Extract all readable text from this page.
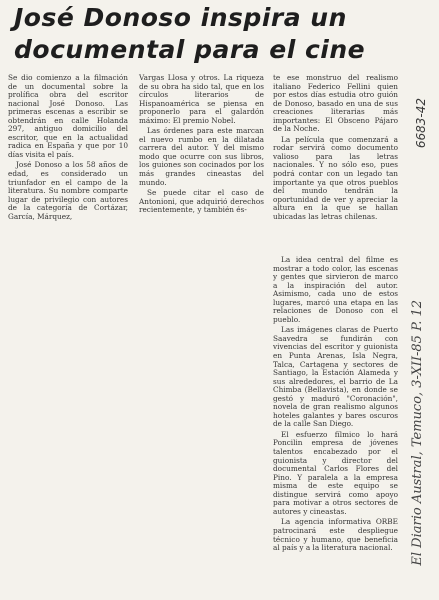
José Donoso inspira un documental para el cine

Se dio comienzo a la filmación de un documental sobre la prolífica obra del escritor nacional José Donoso. Las primeras escenas a escribir se obtendrán en calle Holanda 297, antiguo domicilio del escritor, que en la actualidad radica en España y que por 10 días visita el país.

José Donoso a los 58 años de edad, es considerado un triunfador en el campo de la literatura. Su nombre comparte lugar de privilegio con autores de la categoría de Cortázar, García, Márquez,

Vargas Llosa y otros. La riqueza de su obra ha sido tal, que en los círculos literarios de Hispanoamérica se piensa en proponerlo para el galardón máximo: El premio Nobel.

Las órdenes para este marcan el nuevo rumbo en la dilatada carrera del autor. Y del mismo modo que ocurre con sus libros, los guiones son cocinados por los más grandes cineastas del mundo.

Se puede citar el caso de Antonioni, que adquirió derechos recientemente, y también és-

te ese monstruo del realismo italiano Federico Fellini quien por estos días estudia otro guión de Donoso, basado en una de sus creaciones literarias más importantes: El Obsceno Pájaro de la Noche.

La película que comenzará a rodar servirá como documento valioso para las letras nacionales. Y no sólo eso, pues podrá contar con un legado tan importante ya que otros pueblos del mundo tendrán la oportunidad de ver y apreciar la altura en la que se hallan ubicadas las letras chilenas.

La idea central del filme es mostrar a todo color, las escenas y gentes que sirvieron de marco a la inspiración del autor. Asimismo, cada uno de estos lugares, marcó una etapa en las relaciones de Donoso con el pueblo.

Las imágenes claras de Puerto Saavedra se fundirán con vivencias del escritor y guionista en Punta Arenas, Isla Negra, Talca, Cartagena y sectores de Santiago, la Estación Alameda y sus alrededores, el barrio de La Chimba (Bellavista), en donde se gestó y maduró "Coronación", novela de gran realismo algunos hoteles galantes y bares oscuros de la calle San Diego.

El esfuerzo fílmico lo hará Poncilin empresa de jóvenes talentos encabezado por el guionista y director del documental Carlos Flores del Pino. Y paralela a la empresa misma de este equipo se distingue servirá como apoyo para motivar a otros sectores de autores y cineastas.

La agencia informativa ORBE patrocinará este despliegue técnico y humano, que beneficia al país y a la literatura nacional.

6683-42
El Diario Austral, Temuco, 3-XII-85 P. 12
